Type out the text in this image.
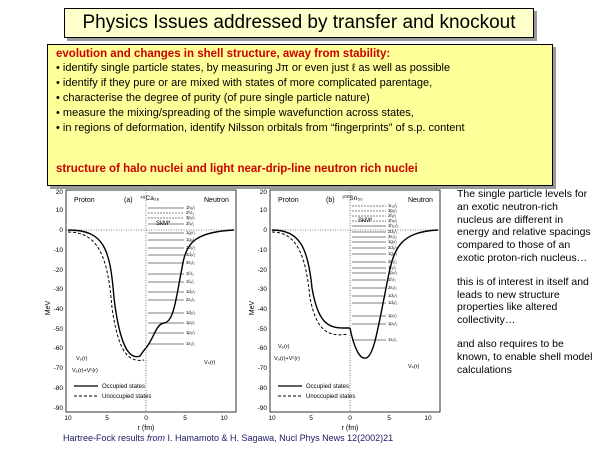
Physics Issues addressed by transfer and knockout
evolution and changes in shell structure, away from stability:
• identify single particle states, by measuring Jπ or even just ℓ as well as possible
• identify if they pure or are mixed with states of more complicated parentage,
• characterise the degree of purity (of pure single particle nature)
• measure the mixing/spreading of the simple wavefunction across states,
• in regions of deformation, identify Nilsson orbitals from “fingerprints” of s.p. content
structure of halo nuclei and light near-drip-line neutron rich nuclei
20
10
0
-10
-20
-30
-40
-50
-60
-70
-80
-90
MeV
10	5	0	5	10
r (fm)
Proton	Neutron
(a) ⁴⁸Ca₂₈
SkM*
1h₉/₂
2f₇/₂
3p₁/₂
2f₅/₂
1g₇/₂
1g₉/₂
2d₃/₂
2d₅/₂
3s₁/₂
1f₇/₂
1f₅/₂
1d₃/₂
2s₁/₂
1d₅/₂
1p₁/₂
1p₃/₂
1s₁/₂
Vₚ(r)
Vₚ(r)+Vᶜ(r)
Vₙ(r)
Occupied states
Unoccupied states
20
10
0
-10
-20
-30
-40
-50
-60
-70
-80
-90
MeV
10	5	0	5	10
r (fm)
Proton	Neutron
(b) ¹⁰⁰Sn₅₀
SkM*
1i₁₃/₂
3p₁/₂
2f₅/₂
1h₉/₂
1h₁₁/₂
2d₃/₂
3s₁/₂
1g₇/₂
2d₅/₂
1g₉/₂
2p₁/₂
1f₅/₂
2p₃/₂
1f₇/₂
2s₁/₂
1d₃/₂
1d₅/₂
1p₁/₂
1p₃/₂
1s₁/₂
Vₚ(r)
Vₚ(r)+Vᶜ(r)
Vₙ(r)
Occupied states
Unoccupied states

The single particle levels for an exotic neutron-rich nucleus are different in energy and relative spacings compared to those of an exotic proton-rich nucleus…

this is of interest in itself and leads to new structure properties like altered collectivity…

and also requires to be known, to enable shell model calculations

Hartree-Fock results from I. Hamamoto & H. Sagawa, Nucl Phys News 12(2002)21
